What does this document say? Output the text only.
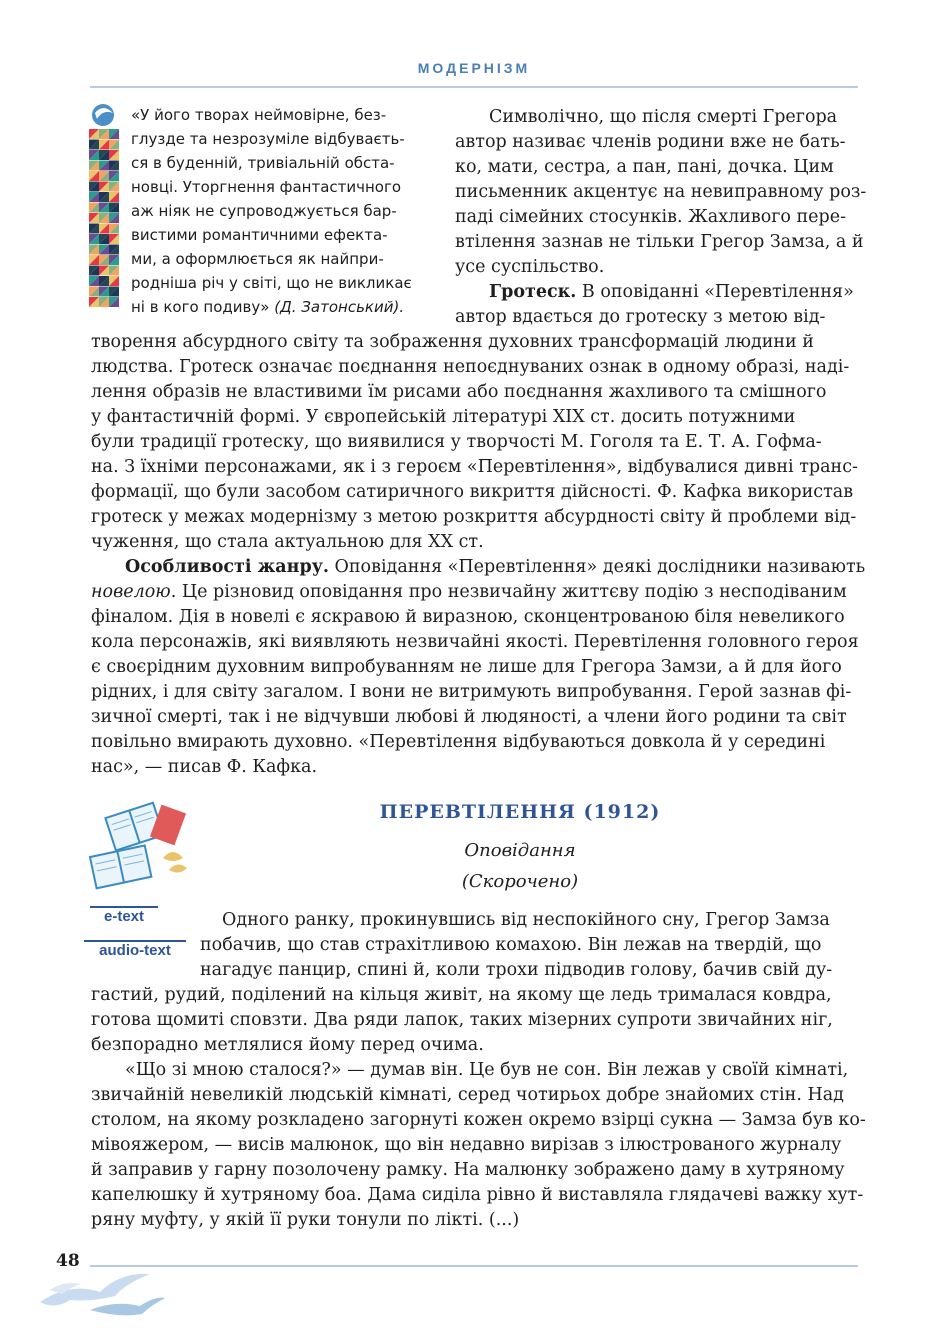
МОДЕРНІЗМ
«У його творах неймовірне, без-
глузде та незрозуміле відбуваєть-
ся в буденній, тривіальній обста-
новці. Уторгнення фантастичного
аж ніяк не супроводжується бар-
вистими романтичними ефекта-
ми, а оформлюється як найпри-
родніша річ у світі, що не викликає
ні в кого подиву» (Д. Затонський).
Символічно, що після смерті Грегора
автор називає членів родини вже не бать-
ко, мати, сестра, а пан, пані, дочка. Цим
письменник акцентує на невиправному роз-
паді сімейних стосунків. Жахливого пере-
втілення зазнав не тільки Грегор Замза, а й
усе суспільство.
Гротеск. В оповіданні «Перевтілення»
автор вдається до гротеску з метою від-
творення абсурдного світу та зображення духовних трансформацій людини й
людства. Гротеск означає поєднання непоєднуваних ознак в одному образі, наді-
лення образів не властивими їм рисами або поєднання жахливого та смішного
у фантастичній формі. У європейській літературі XIX ст. досить потужними
були традиції гротеску, що виявилися у творчості М. Гоголя та Е. Т. А. Гофма-
на. З їхніми персонажами, як і з героєм «Перевтілення», відбувалися дивні транс-
формації, що були засобом сатиричного викриття дійсності. Ф. Кафка використав
гротеск у межах модернізму з метою розкриття абсурдності світу й проблеми від-
чуження, що стала актуальною для XX ст.
Особливості жанру. Оповідання «Перевтілення» деякі дослідники називають
новелою. Це різновид оповідання про незвичайну життєву подію з несподіваним
фіналом. Дія в новелі є яскравою й виразною, сконцентрованою біля невеликого
кола персонажів, які виявляють незвичайні якості. Перевтілення головного героя
є своєрідним духовним випробуванням не лише для Грегора Замзи, а й для його
рідних, і для світу загалом. І вони не витримують випробування. Герой зазнав фі-
зичної смерті, так і не відчувши любові й людяності, а члени його родини та світ
повільно вмирають духовно. «Перевтілення відбуваються довкола й у середині
нас», — писав Ф. Кафка.
ПЕРЕВТІЛЕННЯ (1912)
Оповідання
(Скорочено)
e-text
audio-text
Одного ранку, прокинувшись від неспокійного сну, Грегор Замза
побачив, що став страхітливою комахою. Він лежав на твердій, що
нагадує панцир, спині й, коли трохи підводив голову, бачив свій ду-
гастий, рудий, поділений на кільця живіт, на якому ще ледь трималася ковдра,
готова щомиті сповзти. Два ряди лапок, таких мізерних супроти звичайних ніг,
безпорадно метлялися йому перед очима.
«Що зі мною сталося?» — думав він. Це був не сон. Він лежав у своїй кімнаті,
звичайній невеликій людській кімнаті, серед чотирьох добре знайомих стін. Над
столом, на якому розкладено загорнуті кожен окремо взірці сукна — Замза був ко-
мівояжером, — висів малюнок, що він недавно вирізав з ілюстрованого журналу
й заправив у гарну позолочену рамку. На малюнку зображено даму в хутряному
капелюшку й хутряному боа. Дама сиділа рівно й виставляла глядачеві важку хут-
ряну муфту, у якій її руки тонули по лікті. (...)
48
